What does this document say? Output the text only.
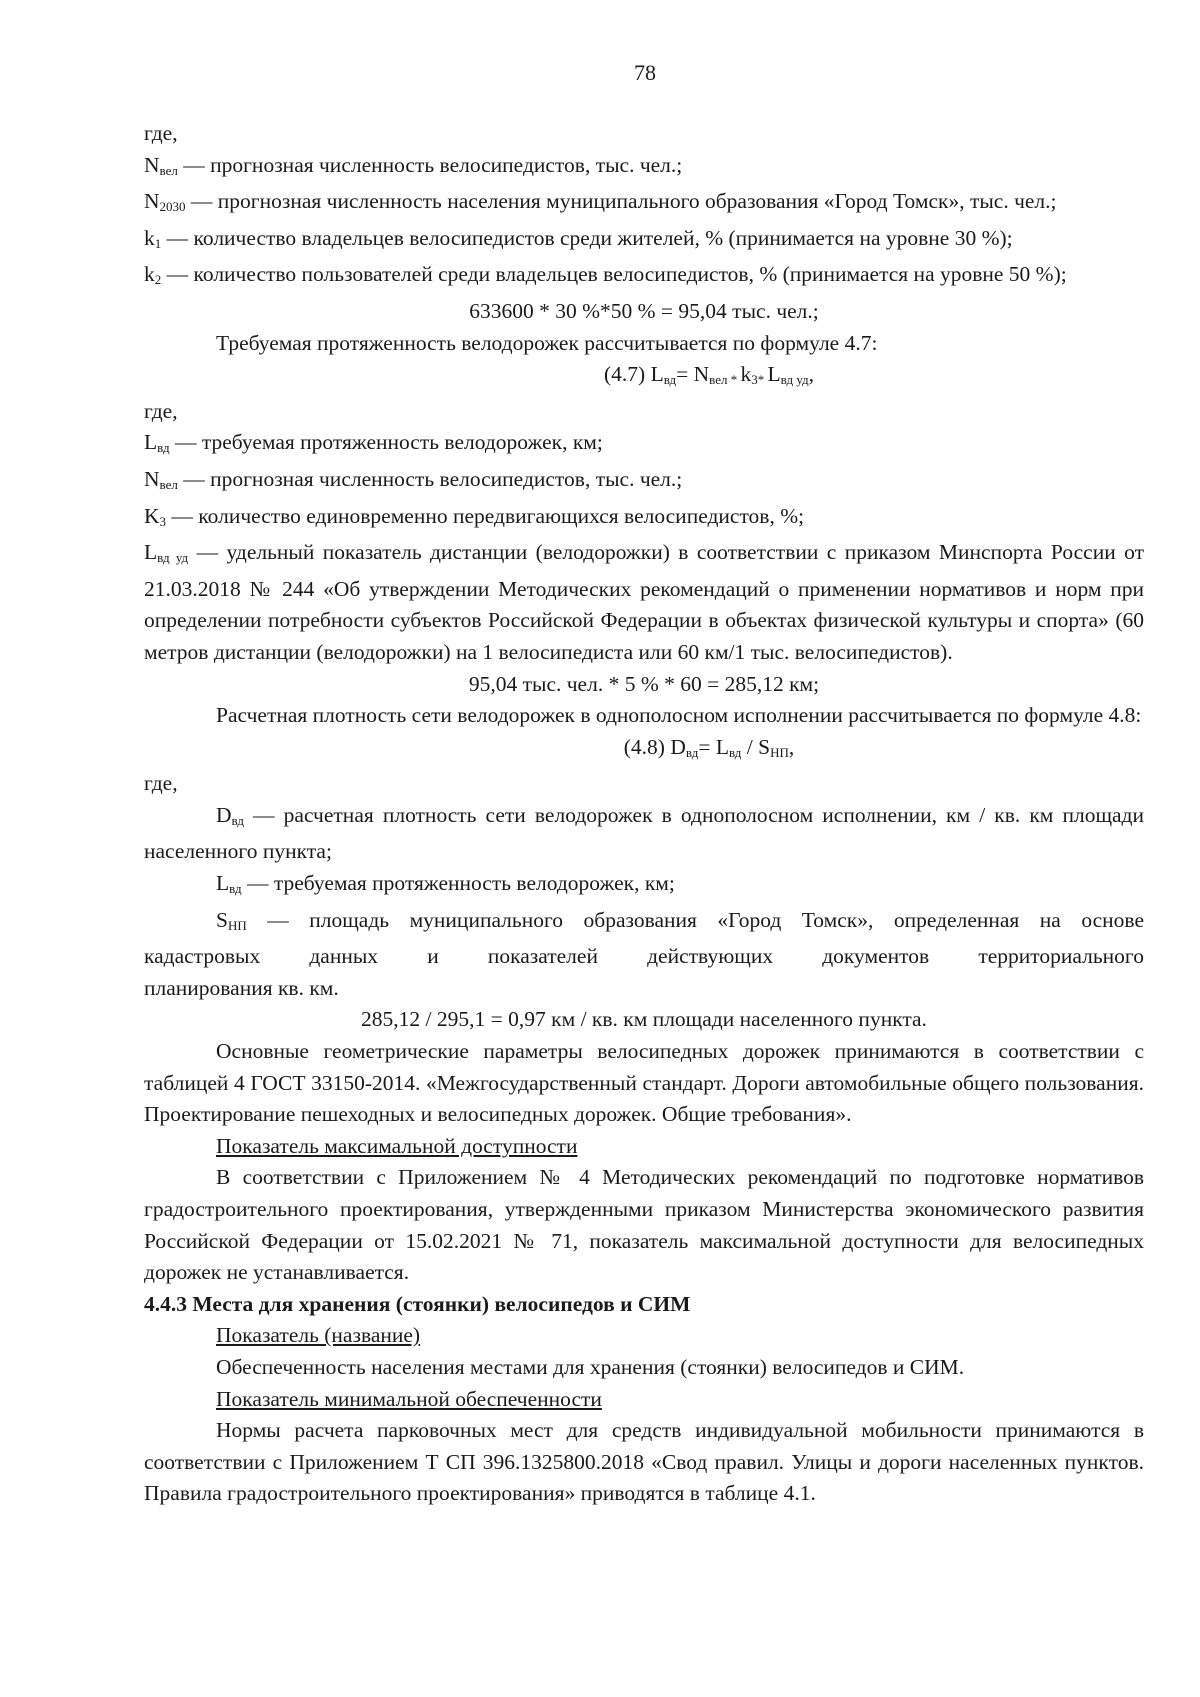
78

где,

$N_{вел}$ — прогнозная численность велосипедистов, тыс. чел.;

$N_{2030}$ — прогнозная численность населения муниципального образования «Город Томск», тыс. чел.;

$k_1$ — количество владельцев велосипедистов среди жителей, % (принимается на уровне 30 %);

$k_2$ — количество пользователей среди владельцев велосипедистов, % (принимается на уровне 50 %);

633600 * 30 %*50 % = 95,04 тыс. чел.;

Требуемая протяженность велодорожек рассчитывается по формуле 4.7:

(4.7) $L_{вд}= N_{вел *}$ $k_{3*}$ $L_{вд уд}$,

где,

$L_{вд}$ — требуемая протяженность велодорожек, км;

$N_{вел}$ — прогнозная численность велосипедистов, тыс. чел.;

$K_3$ — количество единовременно передвигающихся велосипедистов, %;

$L_{вд уд}$ — удельный показатель дистанции (велодорожки) в соответствии с приказом Минспорта России от 21.03.2018 № 244 «Об утверждении Методических рекомендаций о применении нормативов и норм при определении потребности субъектов Российской Федерации в объектах физической культуры и спорта» (60 метров дистанции (велодорожки) на 1 велосипедиста или 60 км/1 тыс. велосипедистов).

95,04 тыс. чел. * 5 % * 60 = 285,12 км;

Расчетная плотность сети велодорожек в однополосном исполнении рассчитывается по формуле 4.8:

(4.8) $D_{вд}= L_{вд} / S_{НП}$,

где,

$D_{вд}$ — расчетная плотность сети велодорожек в однополосном исполнении, км / кв. км площади населенного пункта;

$L_{вд}$ — требуемая протяженность велодорожек, км;

$S_{НП}$ — площадь муниципального образования «Город Томск», определенная на основе

кадастровых данных и показателей действующих документов территориального

планирования кв. км.

285,12 / 295,1 = 0,97 км / кв. км площади населенного пункта.

Основные геометрические параметры велосипедных дорожек принимаются в соответствии с таблицей 4 ГОСТ 33150-2014. «Межгосударственный стандарт. Дороги автомобильные общего пользования. Проектирование пешеходных и велосипедных дорожек. Общие требования».

Показатель максимальной доступности

В соответствии с Приложением № 4 Методических рекомендаций по подготовке нормативов градостроительного проектирования, утвержденными приказом Министерства экономического развития Российской Федерации от 15.02.2021 № 71, показатель максимальной доступности для велосипедных дорожек не устанавливается.

4.4.3 Места для хранения (стоянки) велосипедов и СИМ

Показатель (название)

Обеспеченность населения местами для хранения (стоянки) велосипедов и СИМ.

Показатель минимальной обеспеченности

Нормы расчета парковочных мест для средств индивидуальной мобильности принимаются в соответствии с Приложением Т СП 396.1325800.2018 «Свод правил. Улицы и дороги населенных пунктов. Правила градостроительного проектирования» приводятся в таблице 4.1.
